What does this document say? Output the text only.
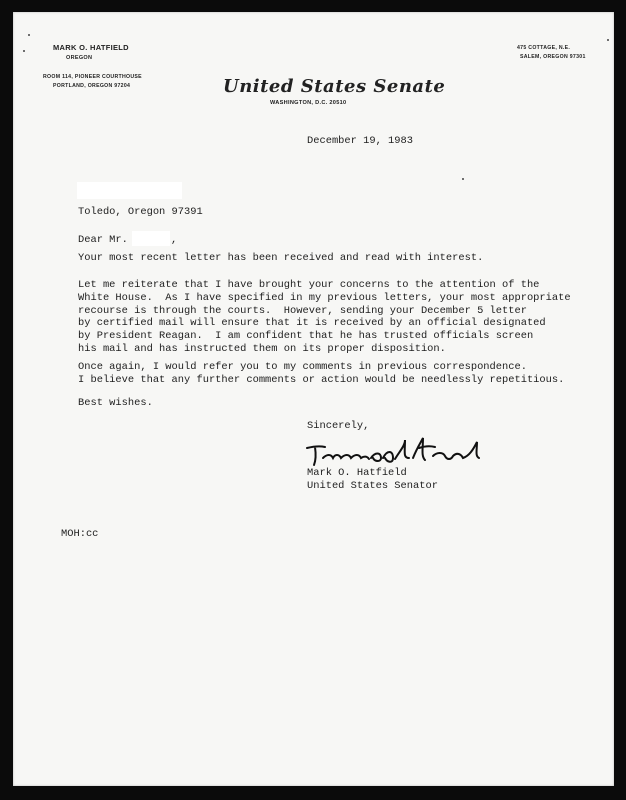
MARK O. HATFIELD
OREGON
ROOM 114, PIONEER COURTHOUSE
PORTLAND, OREGON 97204	United States Senate
WASHINGTON, D.C. 20510
475 COTTAGE, N.E.
SALEM, OREGON 97301
December 19, 1983
Toledo, Oregon 97391
Dear Mr.	,
Your most recent letter has been received and read with interest.
Let me reiterate that I have brought your concerns to the attention of the
White House.  As I have specified in my previous letters, your most appropriate
recourse is through the courts.  However, sending your December 5 letter
by certified mail will ensure that it is received by an official designated
by President Reagan.  I am confident that he has trusted officials screen
his mail and has instructed them on its proper disposition.
Once again, I would refer you to my comments in previous correspondence.
I believe that any further comments or action would be needlessly repetitious.
Best wishes.
Sincerely,
Mark O. Hatfield
United States Senator
MOH:cc
